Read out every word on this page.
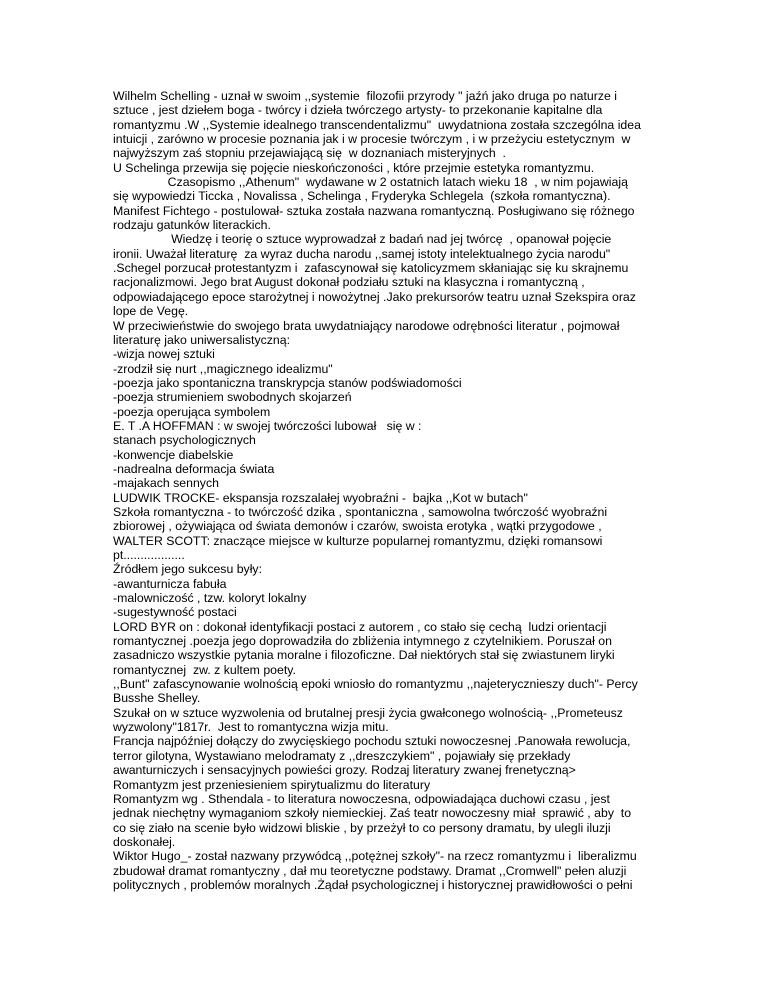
Wilhelm Schelling - uznał w swoim ,,systemie  filozofii przyrody " jaźń jako druga po naturze i
sztuce , jest dziełem boga - twórcy i dzieła twórczego artysty- to przekonanie kapitalne dla
romantyzmu .W ,,Systemie idealnego transcendentalizmu"  uwydatniona została szczególna idea
intuicji , zarówno w procesie poznania jak i w procesie twórczym , i w przeżyciu estetycznym  w
najwyższym zaś stopniu przejawiającą się  w doznaniach misteryjnych  .
U Schelinga przewija się pojęcie nieskończoności , które przejmie estetyka romantyzmu.
Czasopismo ,,Athenum"  wydawane w 2 ostatnich latach wieku 18  , w nim pojawiają
się wypowiedzi Ticcka , Novalissa , Schelinga , Fryderyka Schlegela  (szkoła romantyczna).
Manifest Fichtego - postulował- sztuka została nazwana romantyczną. Posługiwano się różnego
rodzaju gatunków literackich.
Wiedzę i teorię o sztuce wyprowadzał z badań nad jej twórcę  , opanował pojęcie
ironii. Uważał literaturę  za wyraz ducha narodu ,,samej istoty intelektualnego życia narodu"
.Schegel porzucał protestantyzm i  zafascynował się katolicyzmem skłaniając się ku skrajnemu
racjonalizmowi. Jego brat August dokonał podziału sztuki na klasyczna i romantyczną ,
odpowiadającego epoce starożytnej i nowożytnej .Jako prekursorów teatru uznał Szekspira oraz
lope de Vegę.
W przeciwieństwie do swojego brata uwydatniający narodowe odrębności literatur , pojmował
literaturę jako uniwersalistyczną:
-wizja nowej sztuki
-zrodził się nurt ,,magicznego idealizmu"
-poezja jako spontaniczna transkrypcja stanów podświadomości
-poezja strumieniem swobodnych skojarzeń
-poezja operująca symbolem
E. T .A HOFFMAN : w swojej twórczości lubował   się w :
stanach psychologicznych
-konwencje diabelskie
-nadrealna deformacja świata
-majakach sennych
LUDWIK TROCKE- ekspansja rozszalałej wyobraźni -  bajka ,,Kot w butach"
Szkoła romantyczna - to twórczość dzika , spontaniczna , samowolna twórczość wyobraźni
zbiorowej , ożywiająca od świata demonów i czarów, swoista erotyka , wątki przygodowe ,
WALTER SCOTT: znaczące miejsce w kulturze popularnej romantyzmu, dzięki romansowi
pt..................
Źródłem jego sukcesu były:
-awanturnicza fabuła
-malowniczość , tzw. koloryt lokalny
-sugestywność postaci
LORD BYR on : dokonał identyfikacji postaci z autorem , co stało się cechą  ludzi orientacji
romantycznej .poezja jego doprowadziła do zbliżenia intymnego z czytelnikiem. Poruszał on
zasadniczo wszystkie pytania moralne i filozoficzne. Dał niektórych stał się zwiastunem liryki
romantycznej  zw. z kultem poety.
,,Bunt" zafascynowanie wolnością epoki wniosło do romantyzmu ,,najeterycznieszy duch"- Percy
Busshe Shelley.
Szukał on w sztuce wyzwolenia od brutalnej presji życia gwałconego wolnością- ,,Prometeusz
wyzwolony"1817r.  Jest to romantyczna wizja mitu.
Francja najpóźniej dołączy do zwycięskiego pochodu sztuki nowoczesnej .Panowała rewolucja,
terror gilotyna, Wystawiano melodramaty z ,,dreszczykiem" , pojawiały się przekłady
awanturniczych i sensacyjnych powieści grozy. Rodzaj literatury zwanej frenetyczną>
Romantyzm jest przeniesieniem spirytualizmu do literatury
Romantyzm wg . Sthendala - to literatura nowoczesna, odpowiadająca duchowi czasu , jest
jednak niechętny wymaganiom szkoły niemieckiej. Zaś teatr nowoczesny miał  sprawić , aby  to
co się ziało na scenie było widzowi bliskie , by przeżył to co persony dramatu, by ulegli iluzji
doskonałej.
Wiktor Hugo_- został nazwany przywódcą ,,potężnej szkoły"- na rzecz romantyzmu i  liberalizmu
zbudował dramat romantyczny , dał mu teoretyczne podstawy. Dramat ,,Cromwell" pełen aluzji
politycznych , problemów moralnych .Żądał psychologicznej i historycznej prawidłowości o pełni
